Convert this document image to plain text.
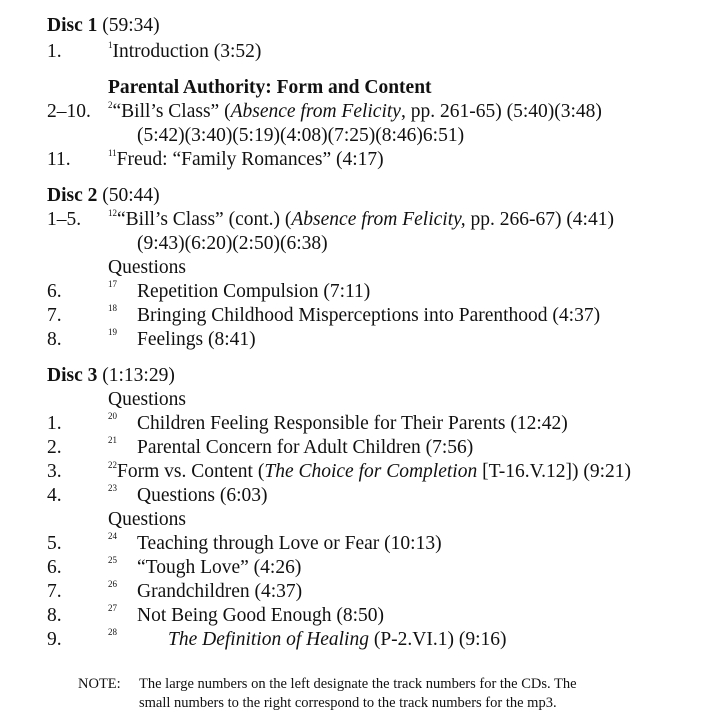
Disc 1 (59:34)
1.	$^1$Introduction (3:52)
Parental Authority: Form and Content
2–10. $^2$“Bill’s Class” (Absence from Felicity, pp. 261-65) (5:40)(3:48)
(5:42)(3:40)(5:19)(4:08)(7:25)(8:46)6:51)
11.	$^{11}$Freud: “Family Romances” (4:17)
Disc 2 (50:44)
1–5.	$^{12}$“Bill’s Class” (cont.) (Absence from Felicity, pp. 266-67) (4:41)
(9:43)(6:20)(2:50)(6:38)
Questions
6.	17 Repetition Compulsion (7:11)
7.	18 Bringing Childhood Misperceptions into Parenthood (4:37)
8.	19 Feelings (8:41)
Disc 3 (1:13:29)
Questions
1.	20 Children Feeling Responsible for Their Parents (12:42)
2.	21 Parental Concern for Adult Children (7:56)
3.	$^{22}$Form vs. Content (The Choice for Completion [T-16.V.12]) (9:21)
4.	23 Questions (6:03)
Questions
5.	24 Teaching through Love or Fear (10:13)
6.	25 “Tough Love” (4:26)
7.	26 Grandchildren (4:37)
8.	27 Not Being Good Enough (8:50)
9.	28	The Definition of Healing (P-2.VI.1) (9:16)
NOTE: The large numbers on the left designate the track numbers for the CDs. The
small numbers to the right correspond to the track numbers for the mp3.
